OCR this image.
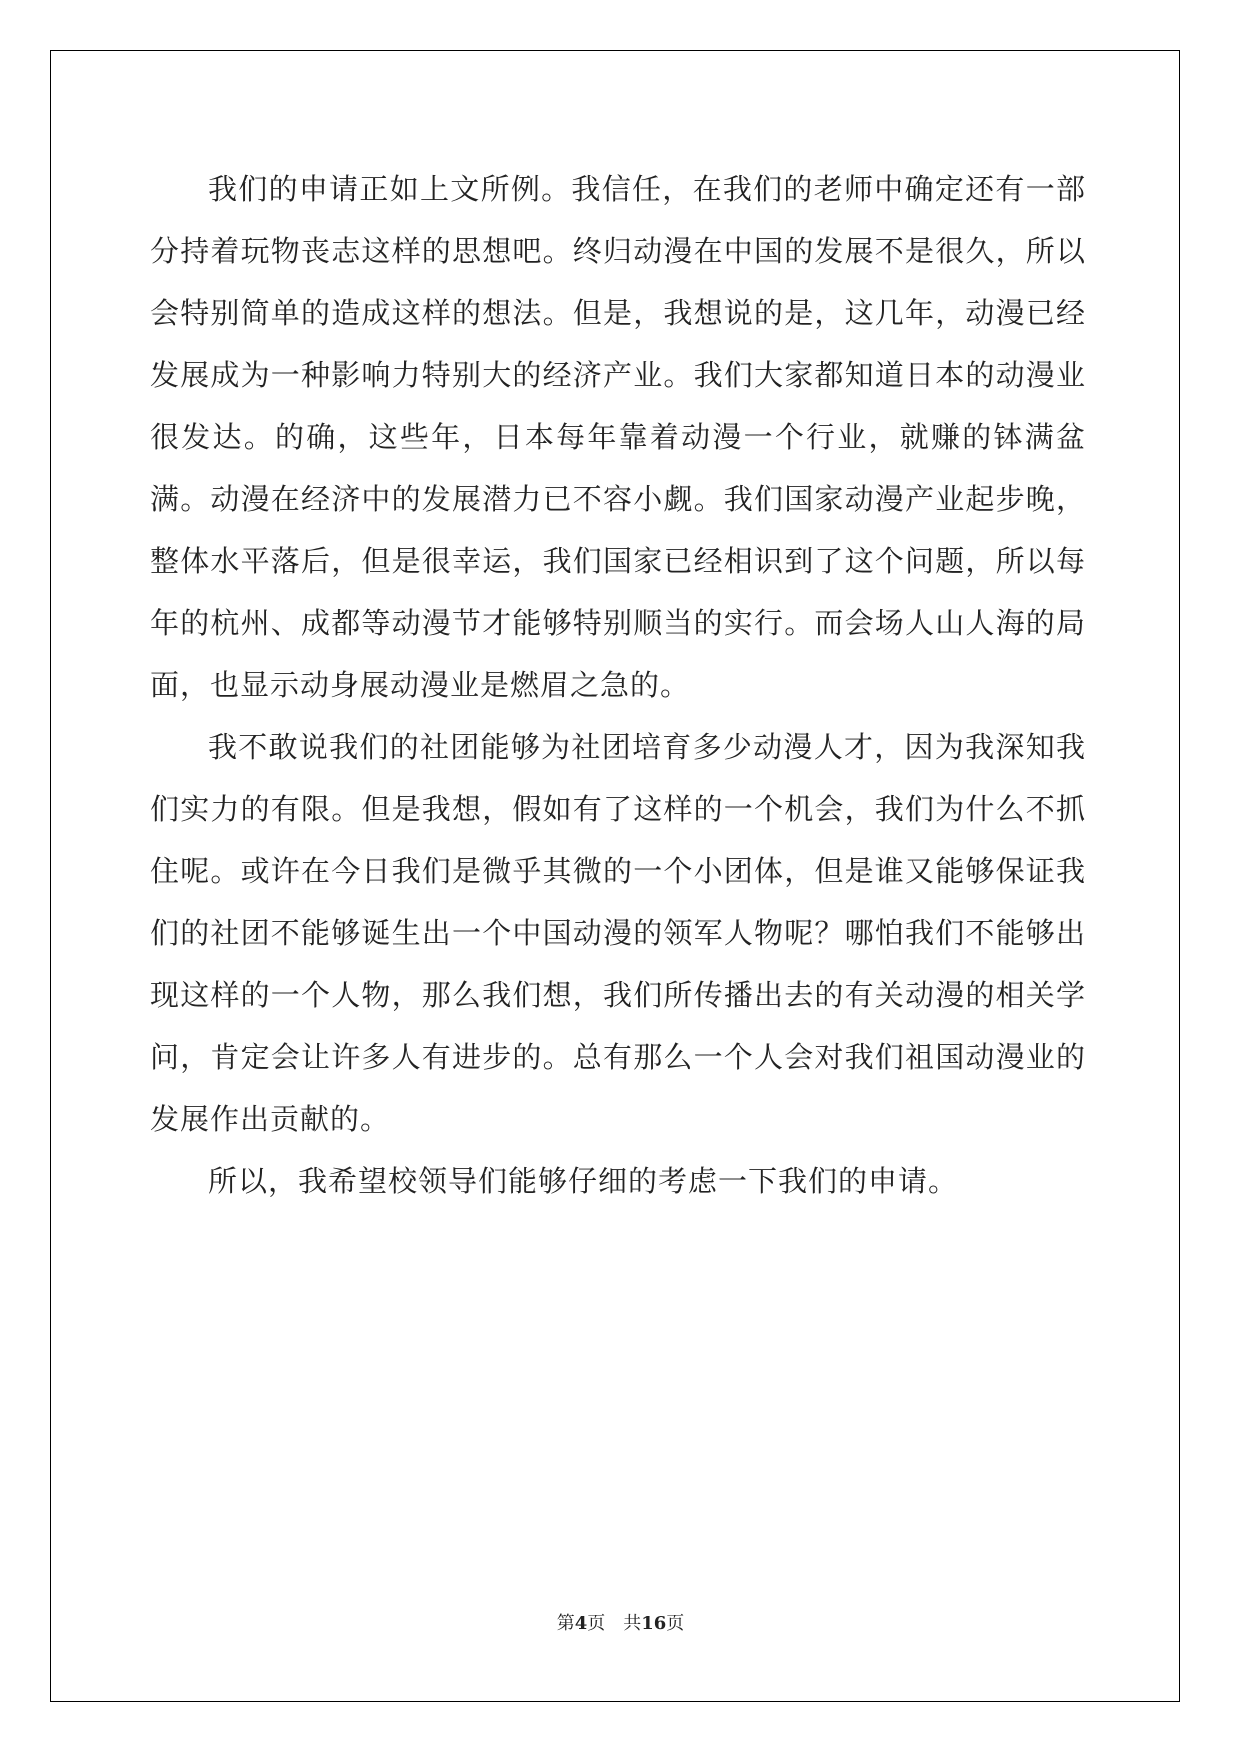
我们的申请正如上文所例。我信任，在我们的老师中确定还有一部分持着玩物丧志这样的思想吧。终归动漫在中国的发展不是很久，所以会特别简单的造成这样的想法。但是，我想说的是，这几年，动漫已经发展成为一种影响力特别大的经济产业。我们大家都知道日本的动漫业很发达。的确，这些年，日本每年靠着动漫一个行业，就赚的钵满盆满。动漫在经济中的发展潜力已不容小觑。我们国家动漫产业起步晚，整体水平落后，但是很幸运，我们国家已经相识到了这个问题，所以每年的杭州、成都等动漫节才能够特别顺当的实行。而会场人山人海的局面，也显示动身展动漫业是燃眉之急的。

我不敢说我们的社团能够为社团培育多少动漫人才，因为我深知我们实力的有限。但是我想，假如有了这样的一个机会，我们为什么不抓住呢。或许在今日我们是微乎其微的一个小团体，但是谁又能够保证我们的社团不能够诞生出一个中国动漫的领军人物呢？哪怕我们不能够出现这样的一个人物，那么我们想，我们所传播出去的有关动漫的相关学问，肯定会让许多人有进步的。总有那么一个人会对我们祖国动漫业的发展作出贡献的。

所以，我希望校领导们能够仔细的考虑一下我们的申请。

第4页　共16页
